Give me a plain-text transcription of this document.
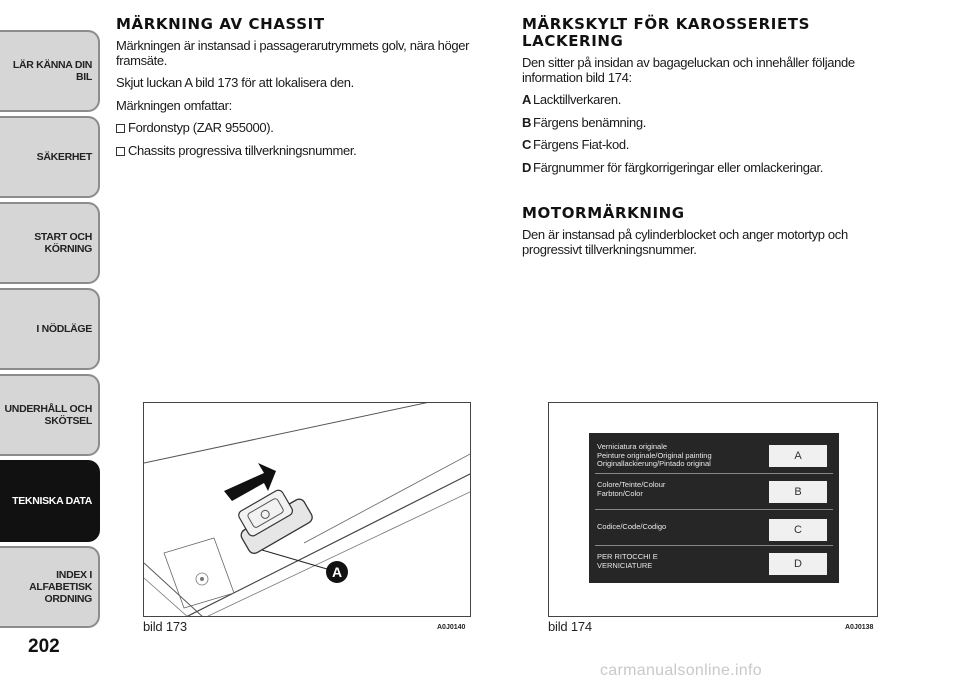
LÄR KÄNNA DIN BIL
SÄKERHET
START OCH
KÖRNING
I NÖDLÄGE
UNDERHÅLL OCH
SKÖTSEL
TEKNISKA DATA
INDEX I ALFABETISK
ORDNING
202
MÄRKNING AV CHASSIT

Märkningen är instansad i passagerarutrymmets golv, nära höger framsäte.

Skjut luckan A bild 173 för att lokalisera den.

Märkningen omfattar:

Fordonstyp (ZAR 955000).

Chassits progressiva tillverkningsnummer.

MÄRKSKYLT FÖR KAROSSERIETS LACKERING

Den sitter på insidan av bagageluckan och innehåller följande information bild 174:

A Lacktillverkaren.

B Färgens benämning.

C Färgens Fiat-kod.

D Färgnummer för färgkorrigeringar eller omlackeringar.

MOTORMÄRKNING

Den är instansad på cylinderblocket och anger motortyp och progressivt tillverkningsnummer.

A
bild 173	A0J0140
Verniciatura originale
Peinture originale/Original painting
Originallackierung/Pintado original
A
Colore/Teinte/Colour
Farbton/Color	B
Codice/Code/Codigo	C
PER RITOCCHI E
VERNICIATURE	D
bild 174	A0J0138
carmanualsonline.info
